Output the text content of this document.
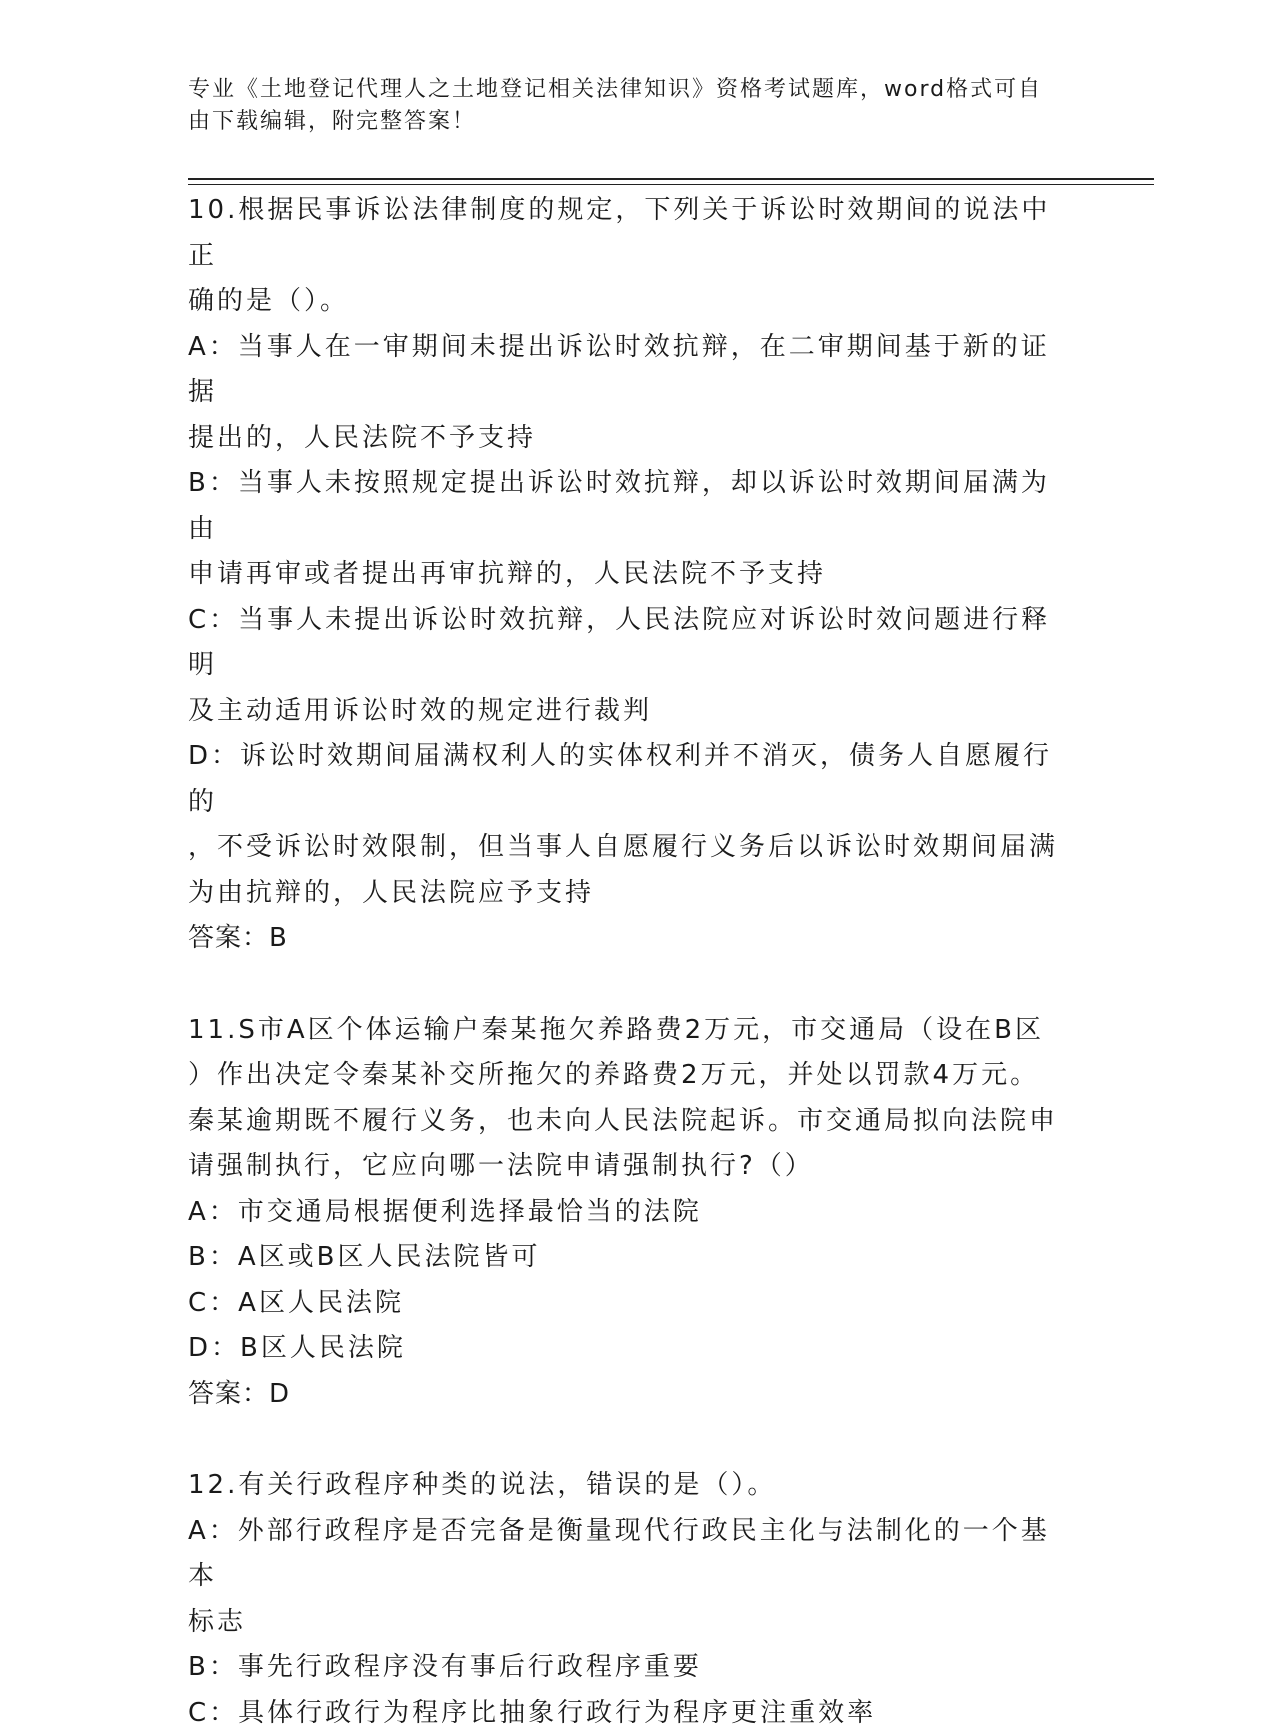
专业《土地登记代理人之土地登记相关法律知识》资格考试题库，word格式可自
由下载编辑，附完整答案！
10.根据民事诉讼法律制度的规定，下列关于诉讼时效期间的说法中正
确的是（）。
A：当事人在一审期间未提出诉讼时效抗辩，在二审期间基于新的证据
提出的，人民法院不予支持
B：当事人未按照规定提出诉讼时效抗辩，却以诉讼时效期间届满为由
申请再审或者提出再审抗辩的，人民法院不予支持
C：当事人未提出诉讼时效抗辩，人民法院应对诉讼时效问题进行释明
及主动适用诉讼时效的规定进行裁判
D：诉讼时效期间届满权利人的实体权利并不消灭，债务人自愿履行的
，不受诉讼时效限制，但当事人自愿履行义务后以诉讼时效期间届满
为由抗辩的，人民法院应予支持
答案：B
11.S市A区个体运输户秦某拖欠养路费2万元，市交通局（设在B区
）作出决定令秦某补交所拖欠的养路费2万元，并处以罚款4万元。
秦某逾期既不履行义务，也未向人民法院起诉。市交通局拟向法院申
请强制执行，它应向哪一法院申请强制执行?（）
A：市交通局根据便利选择最恰当的法院
B：A区或B区人民法院皆可
C：A区人民法院
D：B区人民法院
答案：D
12.有关行政程序种类的说法，错误的是（）。
A：外部行政程序是否完备是衡量现代行政民主化与法制化的一个基本
标志
B：事先行政程序没有事后行政程序重要
C：具体行政行为程序比抽象行政行为程序更注重效率
